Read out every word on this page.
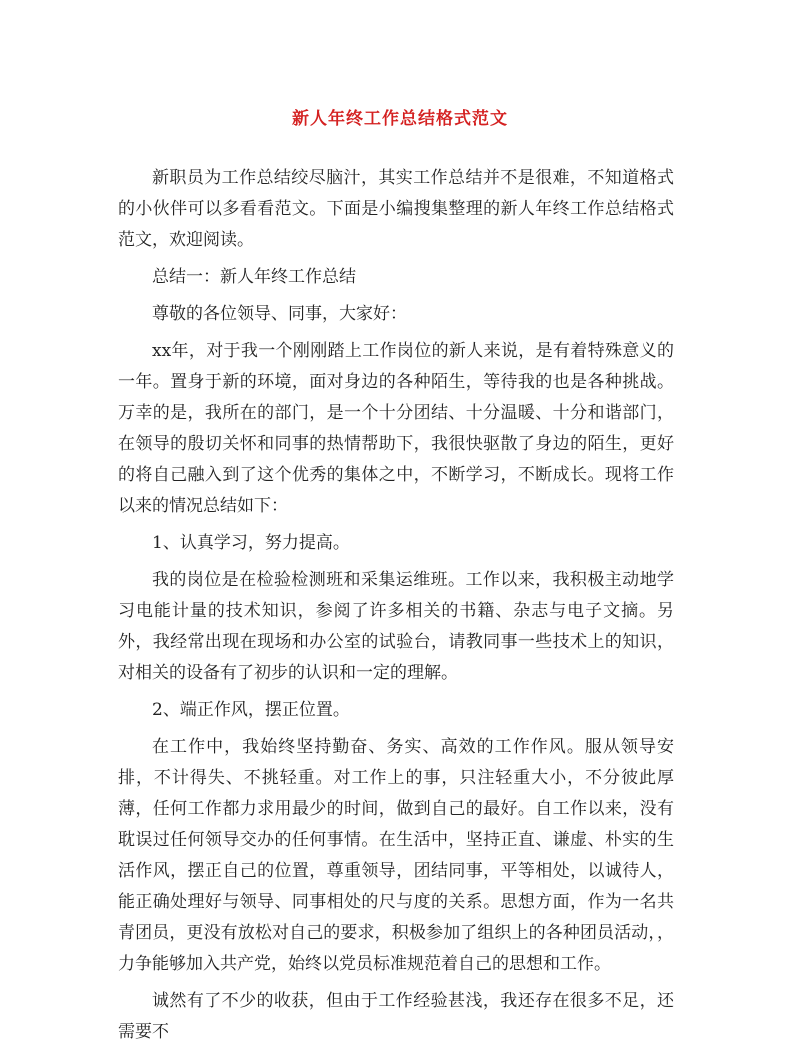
新人年终工作总结格式范文

新职员为工作总结绞尽脑汁，其实工作总结并不是很难，不知道格式的小伙伴可以多看看范文。下面是小编搜集整理的新人年终工作总结格式范文，欢迎阅读。

总结一：新人年终工作总结

尊敬的各位领导、同事，大家好：

xx年，对于我一个刚刚踏上工作岗位的新人来说，是有着特殊意义的一年。置身于新的环境，面对身边的各种陌生，等待我的也是各种挑战。万幸的是，我所在的部门，是一个十分团结、十分温暖、十分和谐部门，在领导的殷切关怀和同事的热情帮助下，我很快驱散了身边的陌生，更好的将自己融入到了这个优秀的集体之中，不断学习，不断成长。现将工作以来的情况总结如下：

1、认真学习，努力提高。

我的岗位是在检验检测班和采集运维班。工作以来，我积极主动地学习电能计量的技术知识，参阅了许多相关的书籍、杂志与电子文摘。另外，我经常出现在现场和办公室的试验台，请教同事一些技术上的知识，对相关的设备有了初步的认识和一定的理解。

2、端正作风，摆正位置。

在工作中，我始终坚持勤奋、务实、高效的工作作风。服从领导安排，不计得失、不挑轻重。对工作上的事，只注轻重大小，不分彼此厚薄，任何工作都力求用最少的时间，做到自己的最好。自工作以来，没有耽误过任何领导交办的任何事情。在生活中，坚持正直、谦虚、朴实的生活作风，摆正自己的位置，尊重领导，团结同事，平等相处，以诚待人，能正确处理好与领导、同事相处的尺与度的关系。思想方面，作为一名共青团员，更没有放松对自己的要求，积极参加了组织上的各种团员活动，，力争能够加入共产党，始终以党员标准规范着自己的思想和工作。

诚然有了不少的收获，但由于工作经验甚浅，我还存在很多不足，还需要不
